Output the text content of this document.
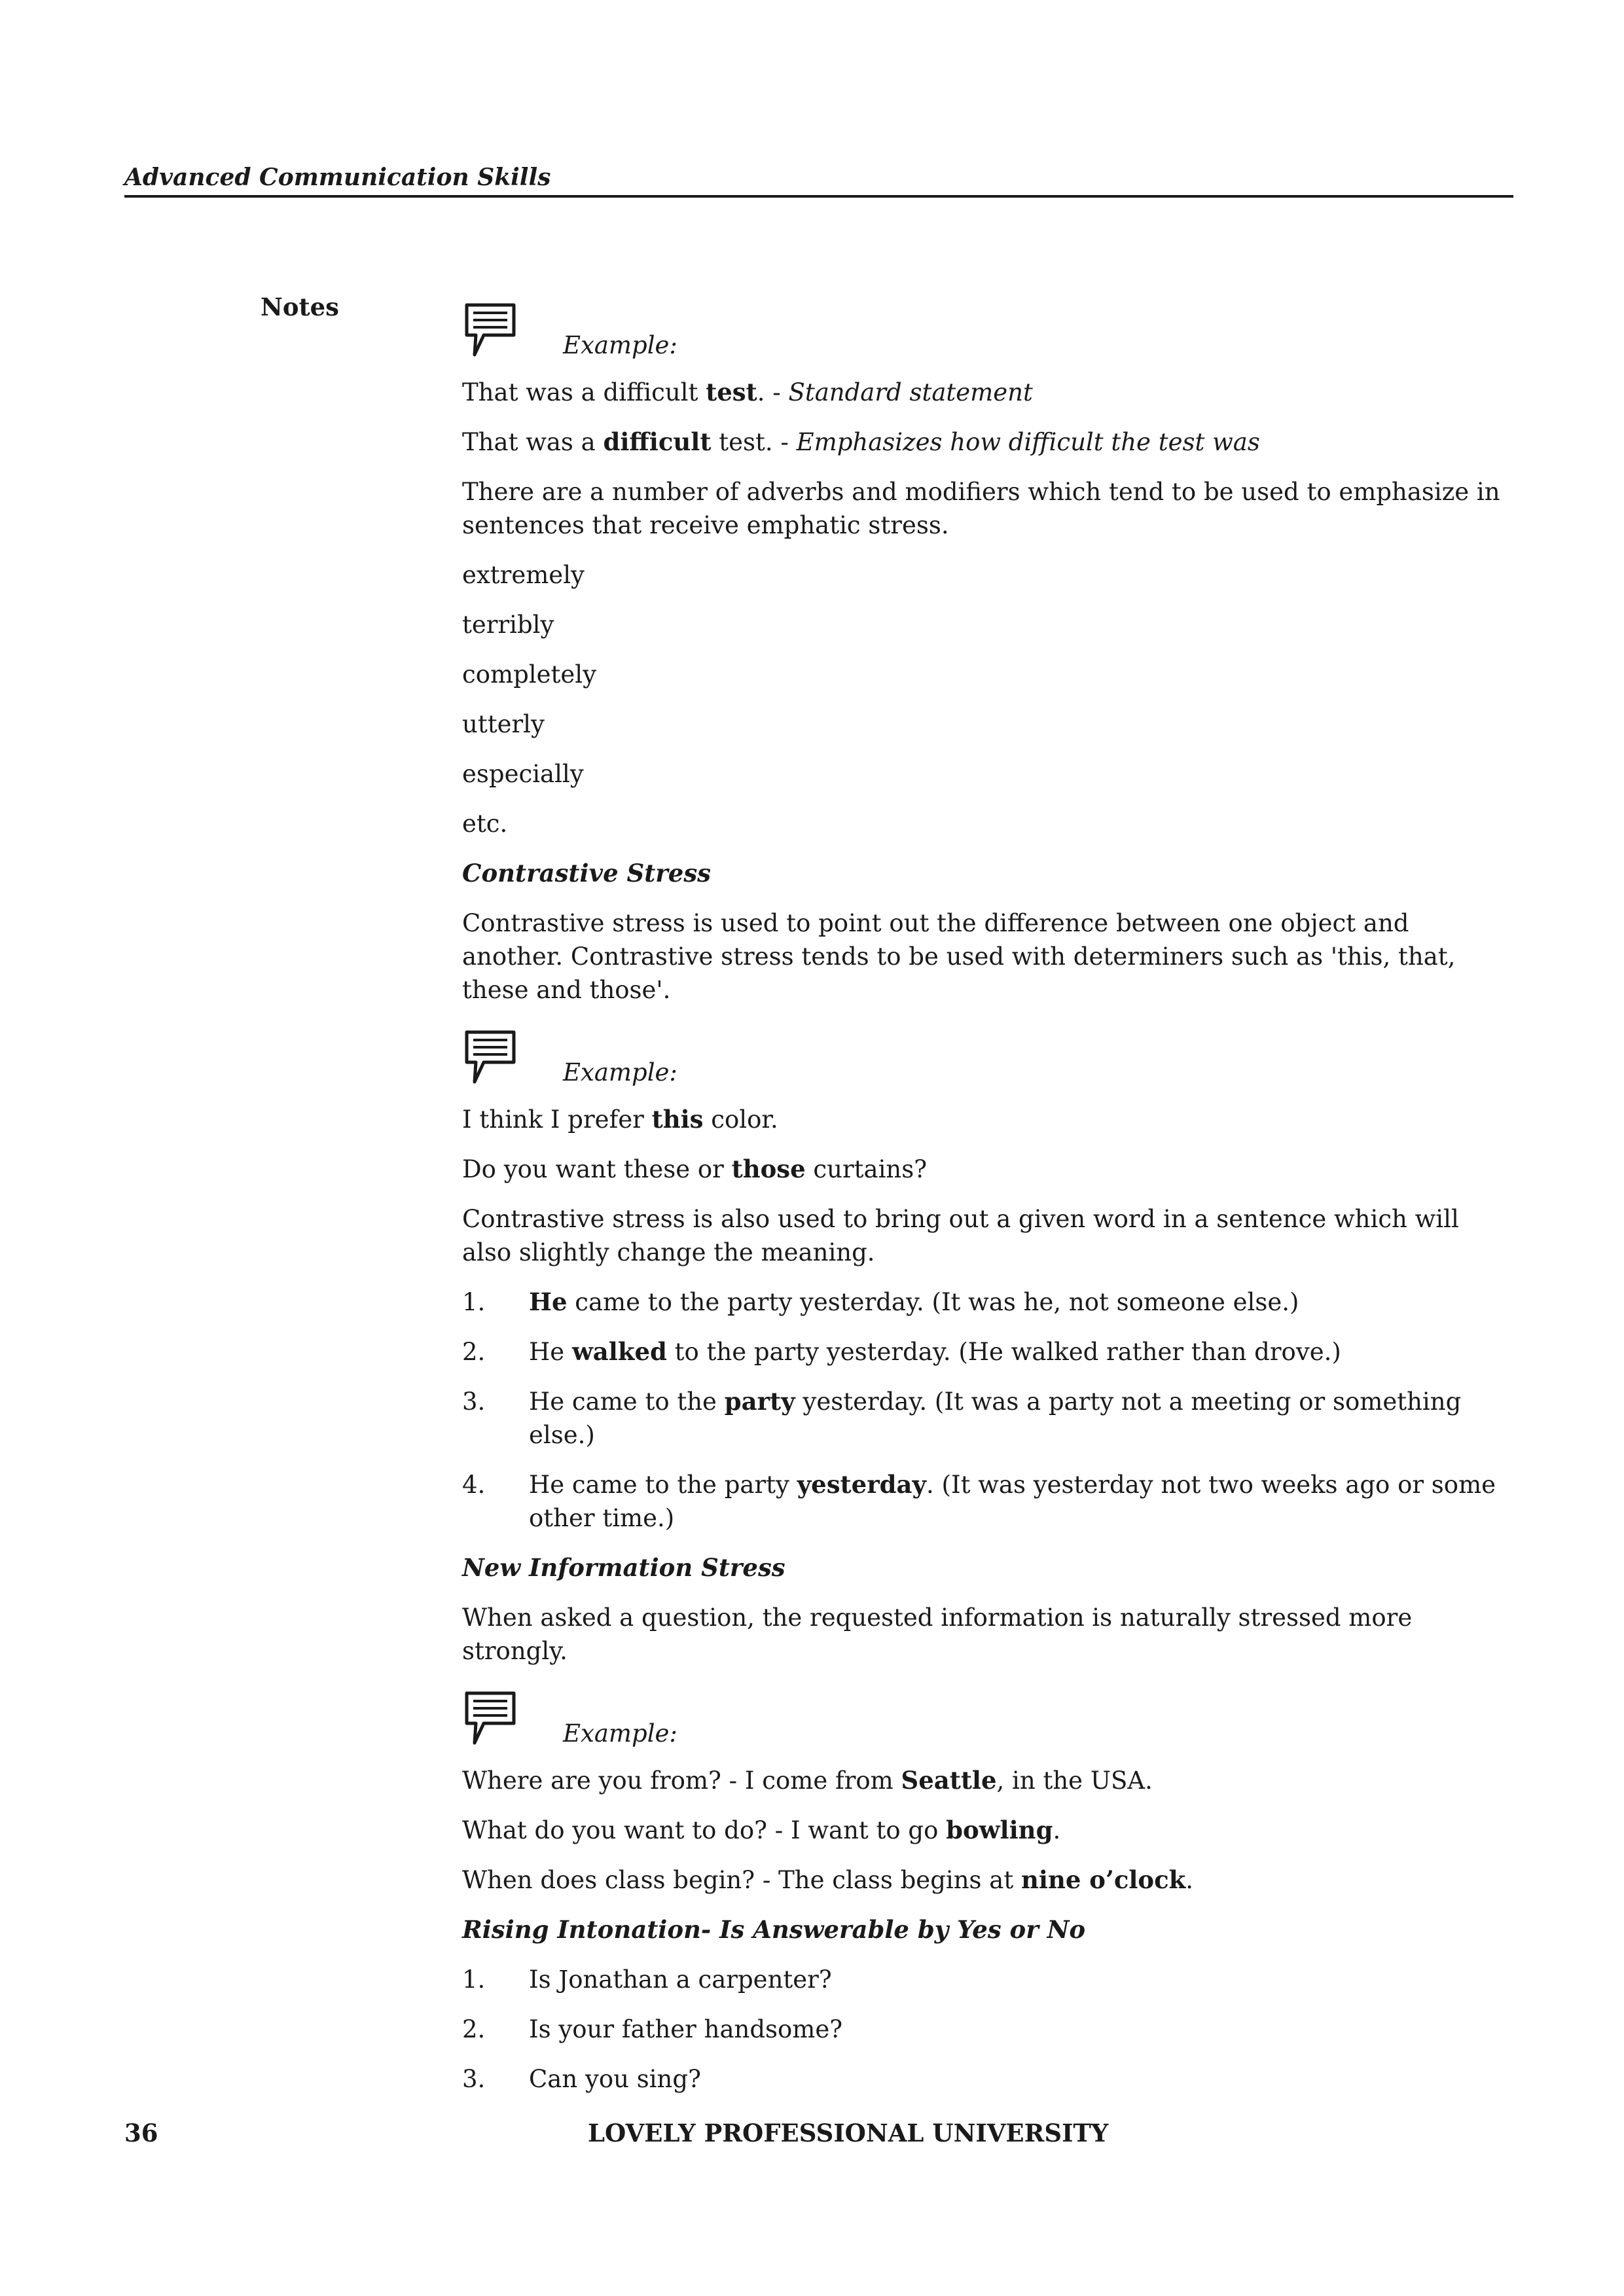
Advanced Communication Skills
Notes
Example:

That was a difficult test. - Standard statement

That was a difficult test. - Emphasizes how difficult the test was

There are a number of adverbs and modifiers which tend to be used to emphasize in sentences that receive emphatic stress.

extremely

terribly

completely

utterly

especially

etc.

Contrastive Stress

Contrastive stress is used to point out the difference between one object and another. Contrastive stress tends to be used with determiners such as 'this, that, these and those'.

Example:

I think I prefer this color.

Do you want these or those curtains?

Contrastive stress is also used to bring out a given word in a sentence which will also slightly change the meaning.

1.	He came to the party yesterday. (It was he, not someone else.)
2.	He walked to the party yesterday. (He walked rather than drove.)
3.	He came to the party yesterday. (It was a party not a meeting or something else.)
4.	He came to the party yesterday. (It was yesterday not two weeks ago or some other time.)

New Information Stress

When asked a question, the requested information is naturally stressed more strongly.

Example:

Where are you from? - I come from Seattle, in the USA.

What do you want to do? - I want to go bowling.

When does class begin? - The class begins at nine o’clock.

Rising Intonation- Is Answerable by Yes or No

1.	Is Jonathan a carpenter?
2.	Is your father handsome?
3.	Can you sing?
36	LOVELY PROFESSIONAL UNIVERSITY
